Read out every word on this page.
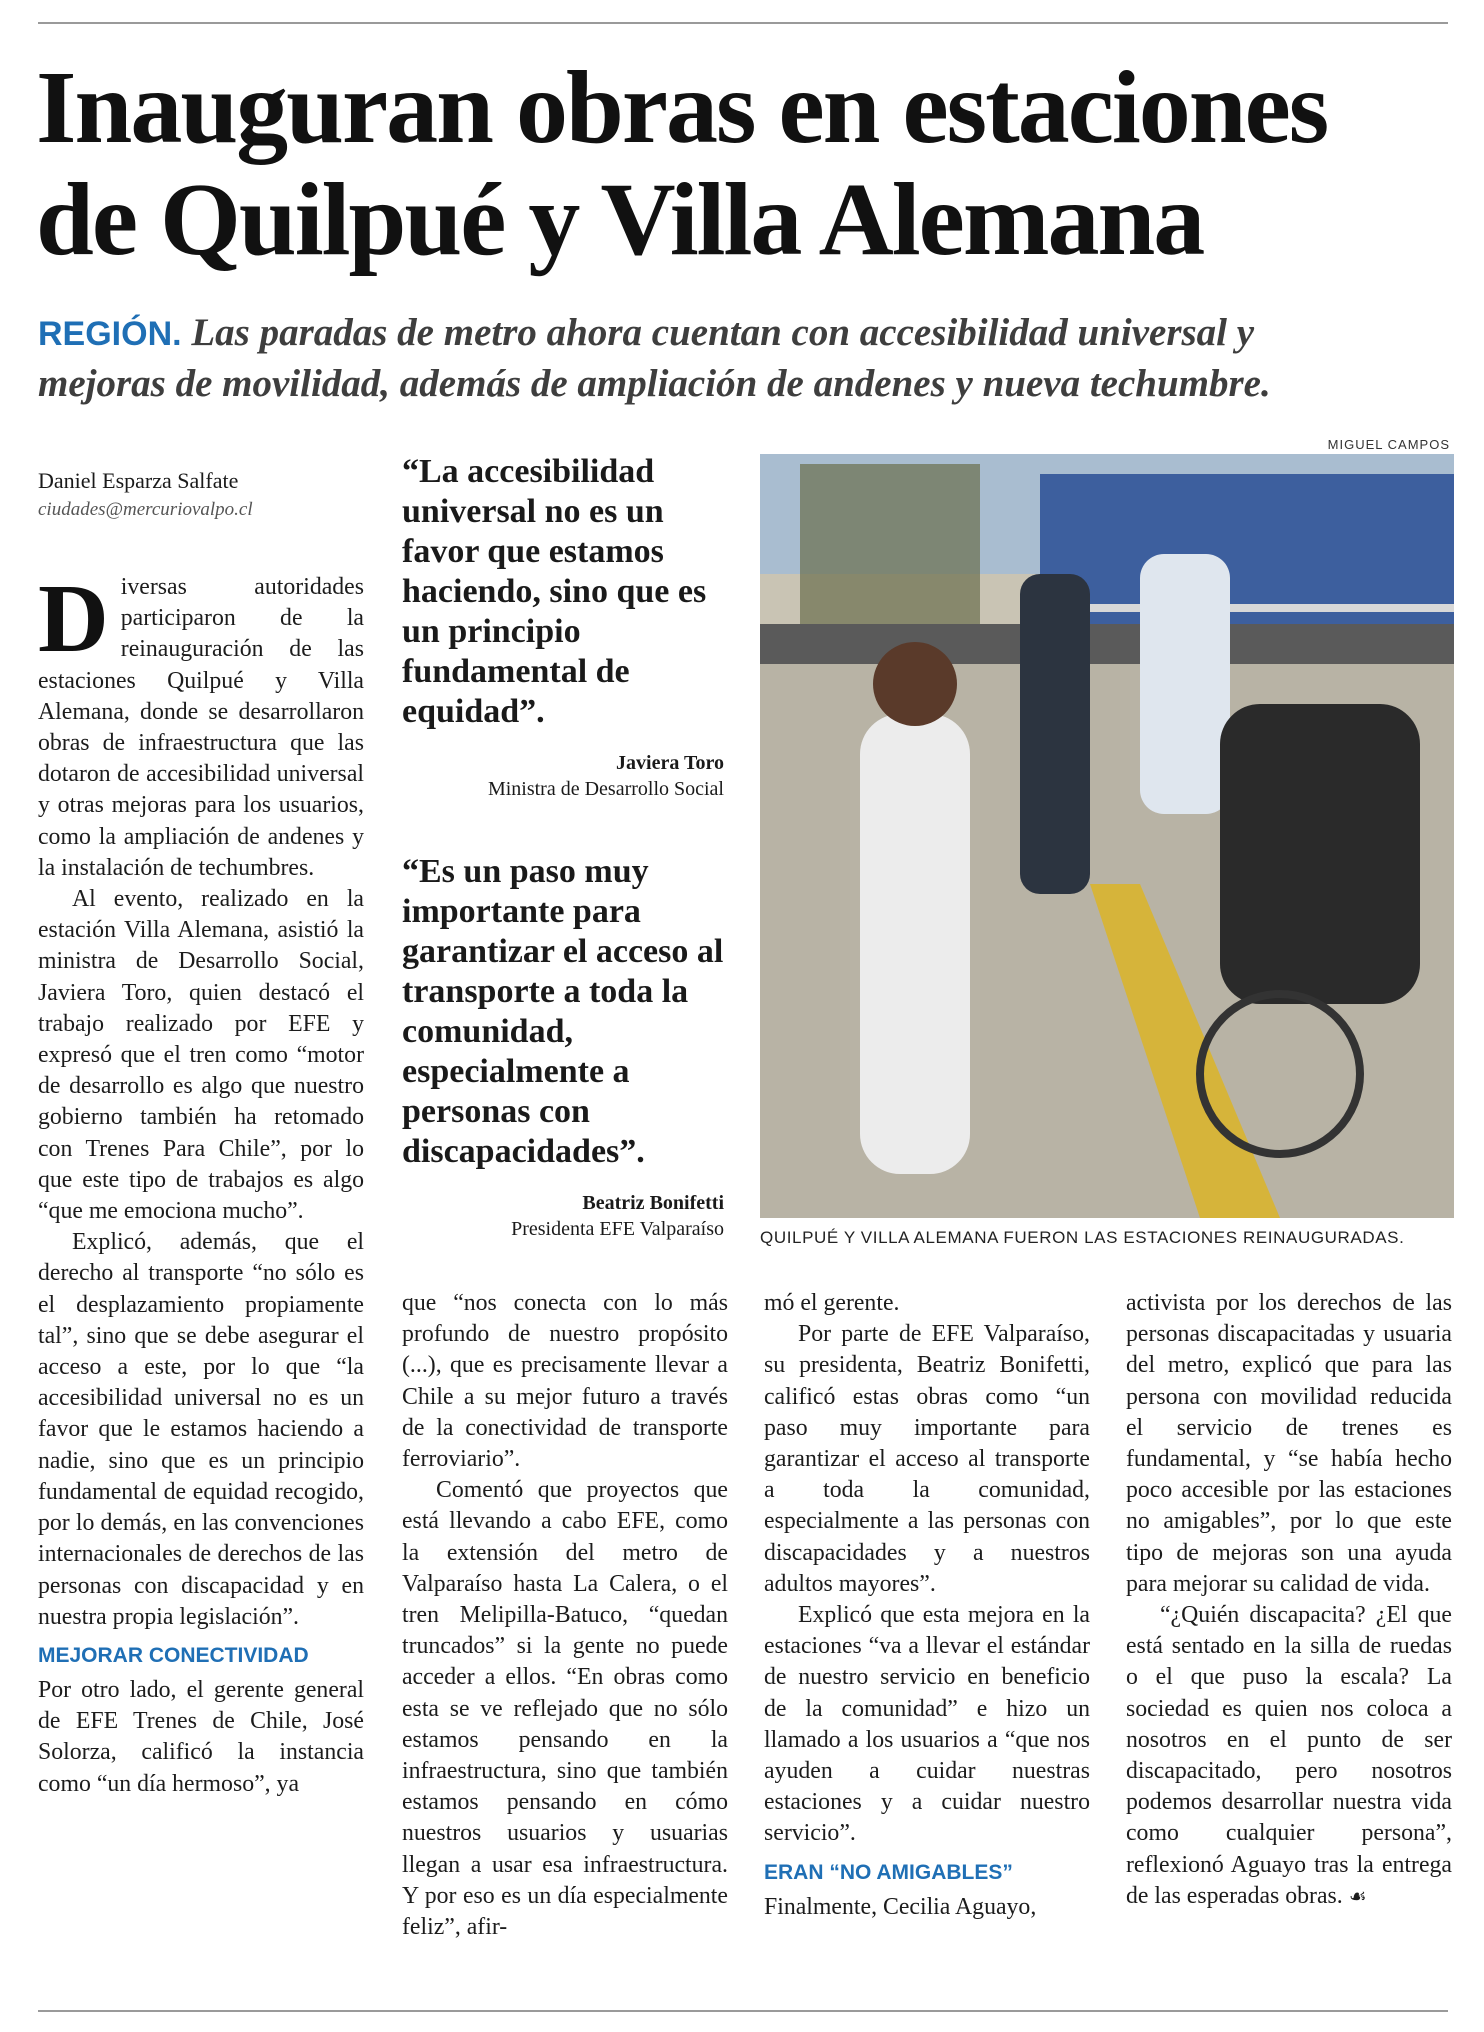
Inauguran obras en estaciones
de Quilpué y Villa Alemana
REGIÓN. Las paradas de metro ahora cuentan con accesibilidad universal y
mejoras de movilidad, además de ampliación de andenes y nueva techumbre.
Daniel Esparza Salfate
ciudades@mercuriovalpo.cl

Diversas autoridades participaron de la reinauguración de las estaciones Quilpué y Villa Alemana, donde se desarrollaron obras de infraestructura que las dotaron de accesibilidad universal y otras mejoras para los usuarios, como la ampliación de andenes y la instalación de techumbres.

Al evento, realizado en la estación Villa Alemana, asistió la ministra de Desarrollo Social, Javiera Toro, quien destacó el trabajo realizado por EFE y expresó que el tren como “motor de desarrollo es algo que nuestro gobierno también ha retomado con Trenes Para Chile”, por lo que este tipo de trabajos es algo “que me emociona mucho”.

Explicó, además, que el derecho al transporte “no sólo es el desplazamiento propiamente tal”, sino que se debe asegurar el acceso a este, por lo que “la accesibilidad universal no es un favor que le estamos haciendo a nadie, sino que es un principio fundamental de equidad recogido, por lo demás, en las convenciones internacionales de derechos de las personas con discapacidad y en nuestra propia legislación”.

MEJORAR CONECTIVIDAD

Por otro lado, el gerente general de EFE Trenes de Chile, José Solorza, calificó la instancia como “un día hermoso”, ya

“La accesibilidad universal no es un favor que estamos haciendo, sino que es un principio fundamental de equidad”.
Javiera Toro
Ministra de Desarrollo Social
“Es un paso muy importante para garantizar el acceso al transporte a toda la comunidad, especialmente a personas con discapacidades”.
Beatriz Bonifetti
Presidenta EFE Valparaíso
MIGUEL CAMPOS
QUILPUÉ Y VILLA ALEMANA FUERON LAS ESTACIONES REINAUGURADAS.

que “nos conecta con lo más profundo de nuestro propósito (...), que es precisamente llevar a Chile a su mejor futuro a través de la conectividad de transporte ferroviario”.

Comentó que proyectos que está llevando a cabo EFE, como la extensión del metro de Valparaíso hasta La Calera, o el tren Melipilla-Batuco, “quedan truncados” si la gente no puede acceder a ellos. “En obras como esta se ve reflejado que no sólo estamos pensando en la infraestructura, sino que también estamos pensando en cómo nuestros usuarios y usuarias llegan a usar esa infraestructura. Y por eso es un día especialmente feliz”, afir-

mó el gerente.

Por parte de EFE Valparaíso, su presidenta, Beatriz Bonifetti, calificó estas obras como “un paso muy importante para garantizar el acceso al transporte a toda la comunidad, especialmente a las personas con discapacidades y a nuestros adultos mayores”.

Explicó que esta mejora en la estaciones “va a llevar el estándar de nuestro servicio en beneficio de la comunidad” e hizo un llamado a los usuarios a “que nos ayuden a cuidar nuestras estaciones y a cuidar nuestro servicio”.

ERAN “NO AMIGABLES”

Finalmente, Cecilia Aguayo,

activista por los derechos de las personas discapacitadas y usuaria del metro, explicó que para las persona con movilidad reducida el servicio de trenes es fundamental, y “se había hecho poco accesible por las estaciones no amigables”, por lo que este tipo de mejoras son una ayuda para mejorar su calidad de vida.

“¿Quién discapacita? ¿El que está sentado en la silla de ruedas o el que puso la escala? La sociedad es quien nos coloca a nosotros en el punto de ser discapacitado, pero nosotros podemos desarrollar nuestra vida como cualquier persona”, reflexionó Aguayo tras la entrega de las esperadas obras. ☙
